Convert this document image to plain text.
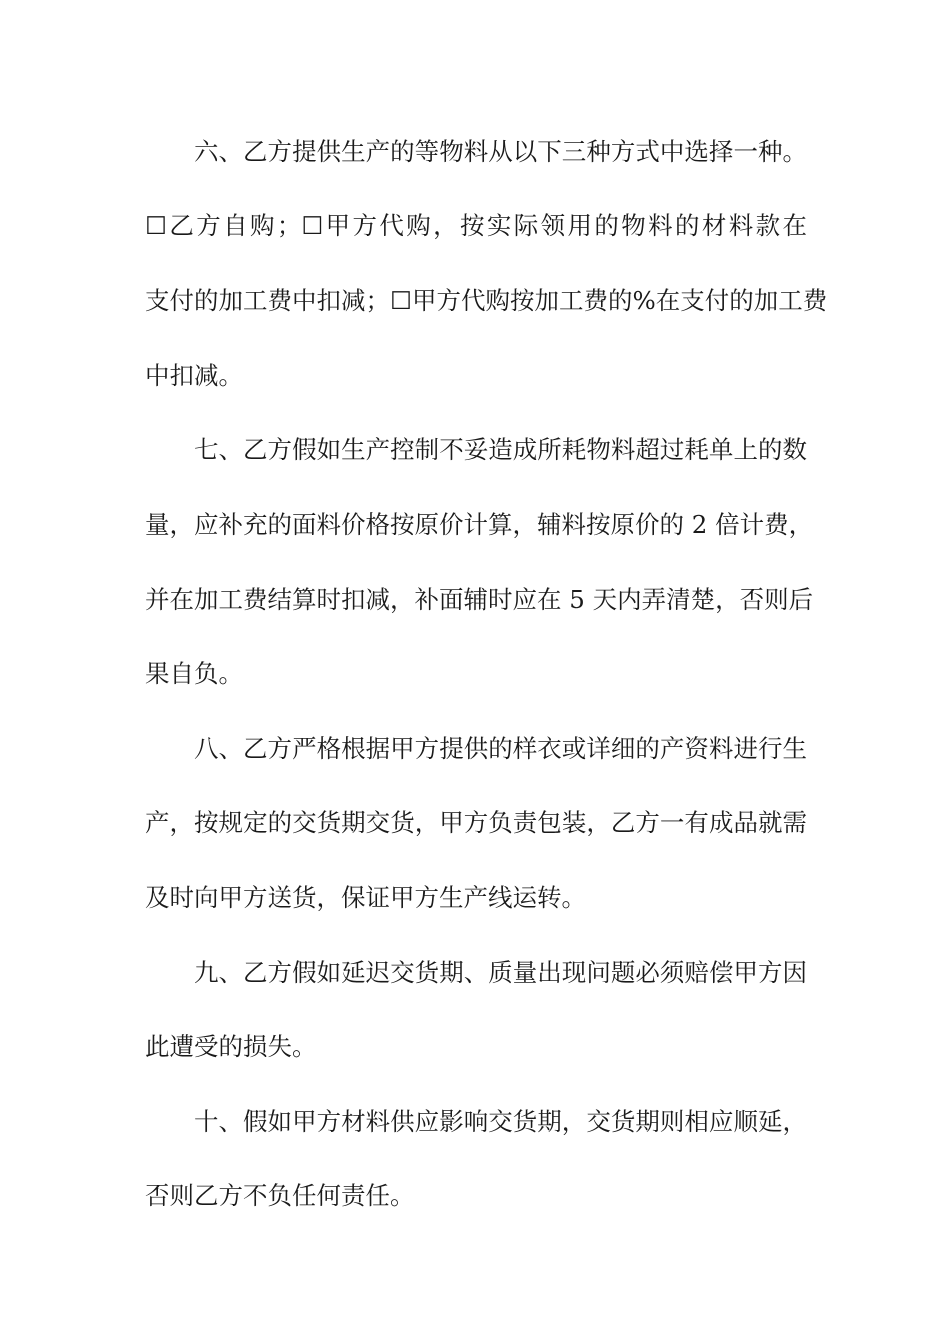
六、乙方提供生产的等物料从以下三种方式中选择一种。
☐乙方自购；☐甲方代购，按实际领用的物料的材料款在
支付的加工费中扣减；☐甲方代购按加工费的%在支付的加工费
中扣减。
七、乙方假如生产控制不妥造成所耗物料超过耗单上的数
量，应补充的面料价格按原价计算，辅料按原价的 2 倍计费，
并在加工费结算时扣减，补面辅时应在 5 天内弄清楚，否则后
果自负。
八、乙方严格根据甲方提供的样衣或详细的产资料进行生
产，按规定的交货期交货，甲方负责包装，乙方一有成品就需
及时向甲方送货，保证甲方生产线运转。
九、乙方假如延迟交货期、质量出现问题必须赔偿甲方因
此遭受的损失。
十、假如甲方材料供应影响交货期，交货期则相应顺延，
否则乙方不负任何责任。
